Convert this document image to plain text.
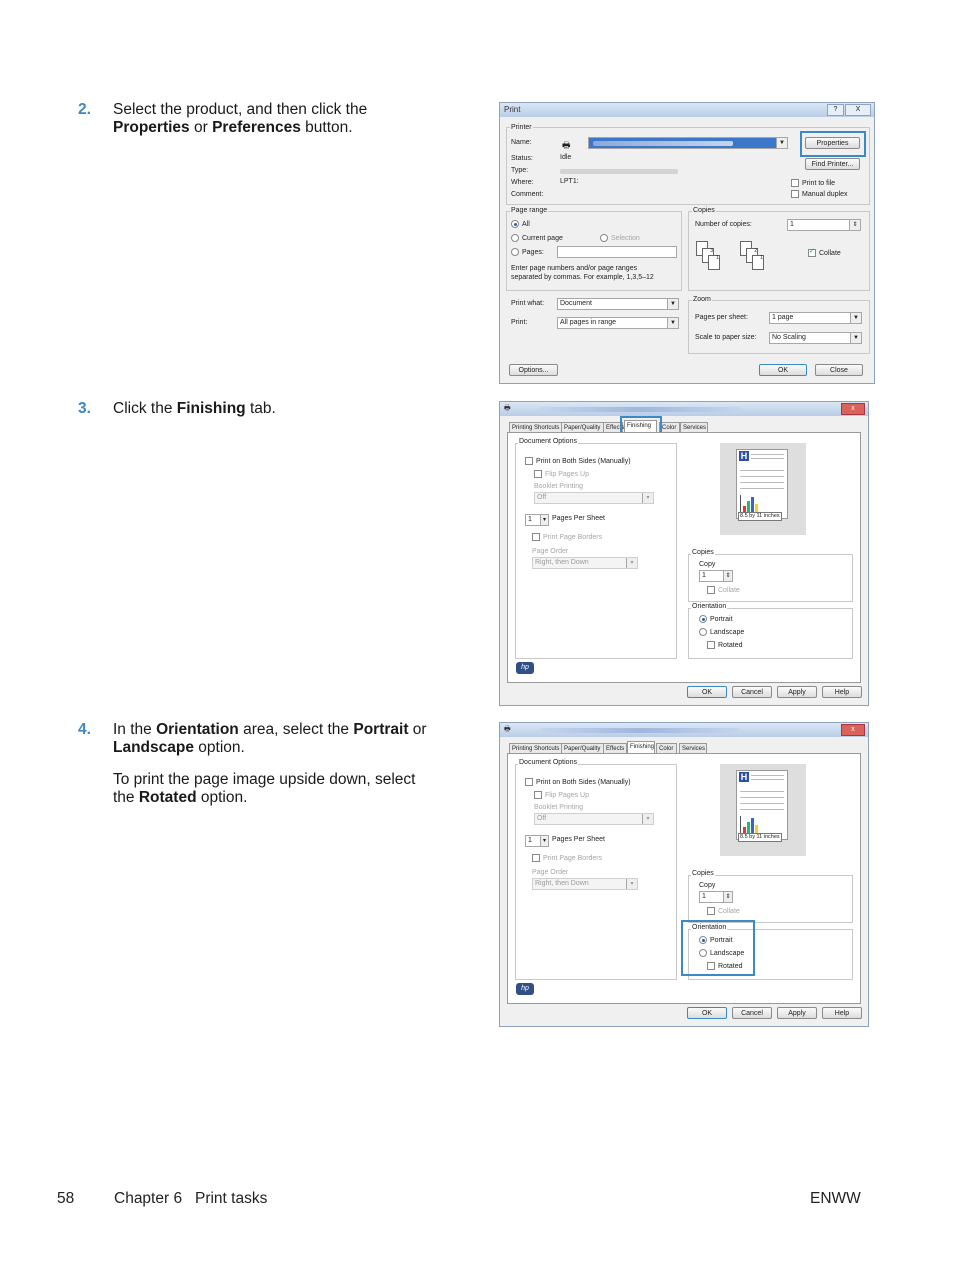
2. Select the product, and then click the Properties or Preferences button.

3. Click the Finishing tab.

4. In the Orientation area, select the Portrait or Landscape option.

To print the page image upside down, select the Rotated option.

Print	?	X
Printer
Name:	🖶	▼	Properties
Find Printer...
Status:	Idle
Type:
Where:	LPT1:
Comment:
Print to file
Manual duplex
Page range
All
Current page	Selection
Pages:
Enter page numbers and/or page ranges
separated by commas. For example, 1,3,5–12
Copies
Number of copies:	1	⇕
3
1
2
1
✓Collate
Print what:	Document	▼
Print:	All pages in range	▼
Zoom
Pages per sheet:	1 page	▼
Scale to paper size:	No Scaling	▼
Options...	OK	Close
🖶	x
Printing Shortcuts Paper/Quality Effects	Color	Services
Finishing
Document Options
Print on Both Sides (Manually)
Flip Pages Up
Booklet Printing
Off	▾
1	▾ Pages Per Sheet
Print Page Borders
Page Order
Right, then Down	▾
H
8.5 by 11 inches
Copies
Copy
1	⇕
Collate
Orientation
Portrait
Landscape
Rotated
hp
OK	Cancel	Apply	Help
🖶	x
Printing Shortcuts Paper/Quality Effects	Color	Services
Finishing
Document Options
Print on Both Sides (Manually)
Flip Pages Up
Booklet Printing
Off	▾
1	▾ Pages Per Sheet
Print Page Borders
Page Order
Right, then Down	▾
H
8.5 by 11 inches
Copies
Copy
1	⇕
Collate
Orientation
Portrait
Landscape
Rotated
hp
OK	Cancel	Apply	Help
58	Chapter 6   Print tasks	ENWW
